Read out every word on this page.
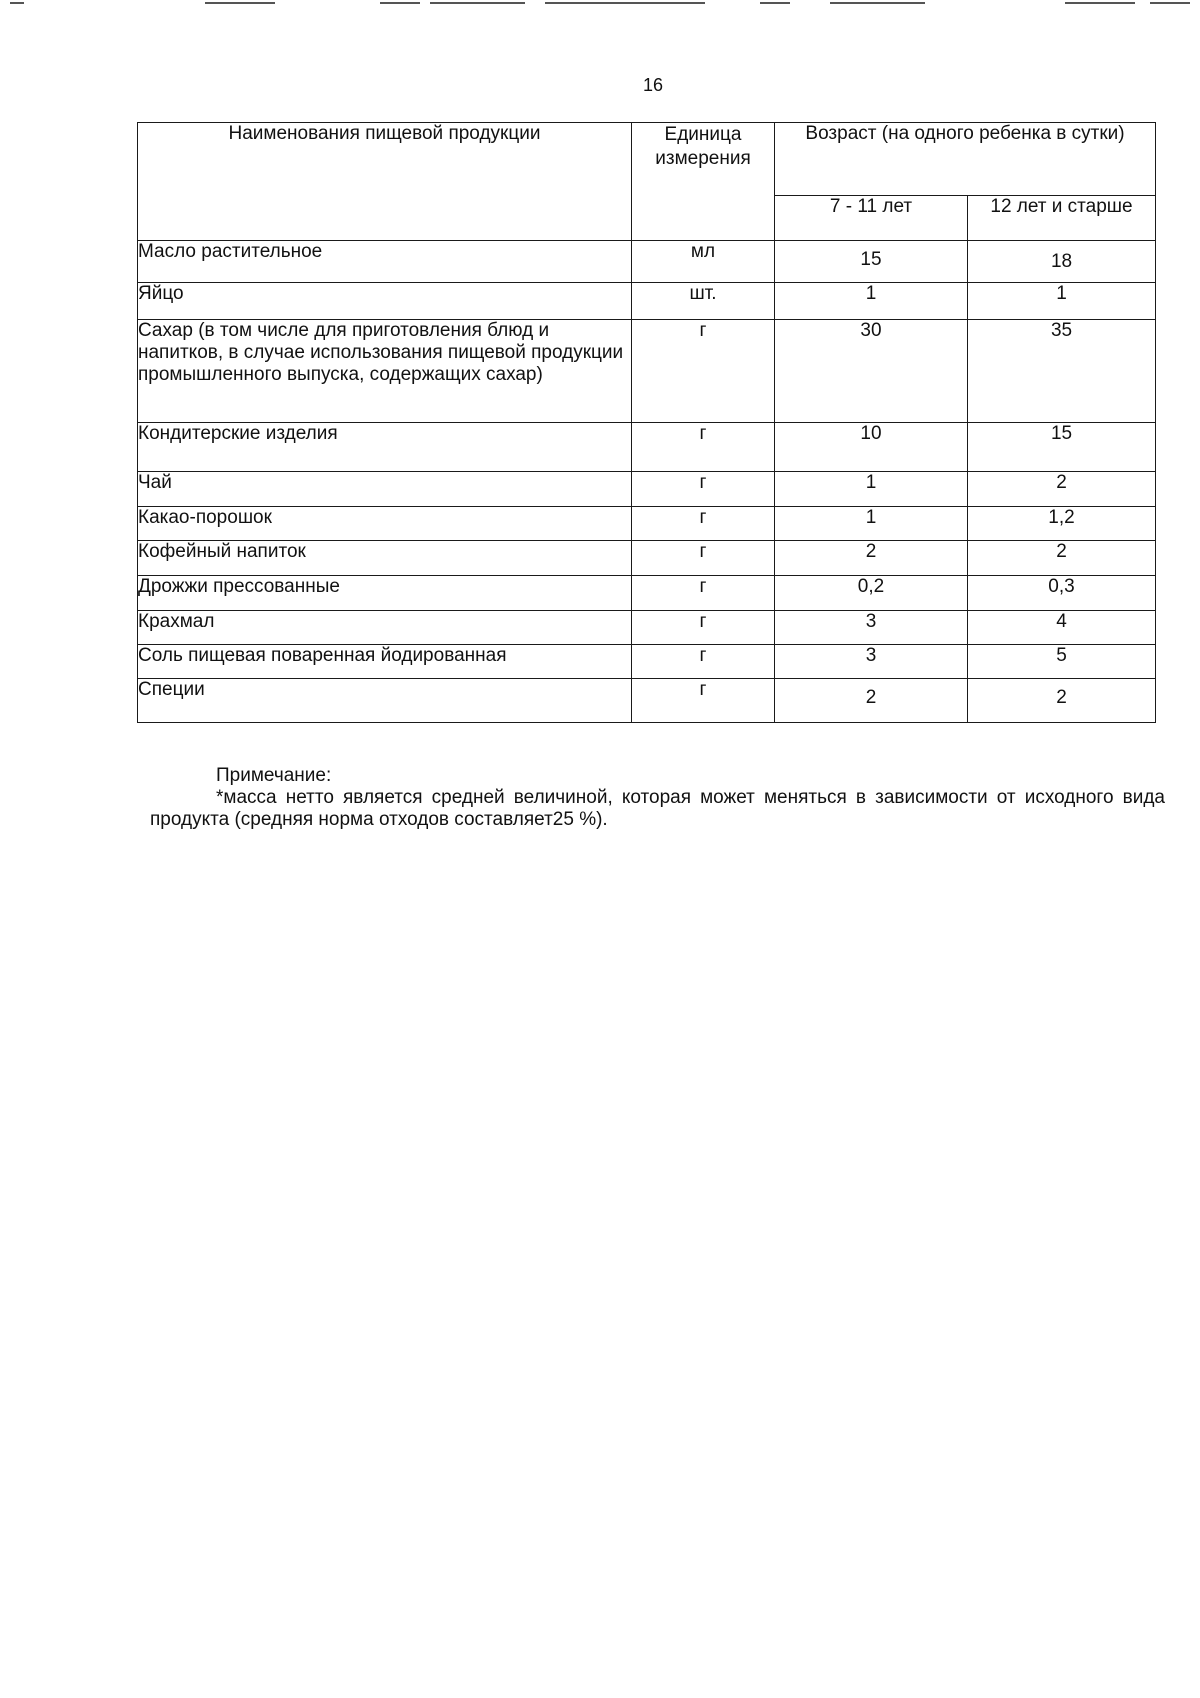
16
Наименования пищевой продукции	Единица измерения	Возраст (на одного ребенка в сутки)	
		7 - 11 лет	12 лет и старше
Масло растительное	мл	15	18
Яйцо	шт.	1	1
Сахар (в том числе для приготовления блюд и напитков, в случае использования пищевой продукции промышленного выпуска, содержащих сахар)	г	30	35
Кондитерские изделия	г	10	15
Чай	г	1	2
Какао-порошок	г	1	1,2
Кофейный напиток	г	2	2
Дрожжи прессованные	г	0,2	0,3
Крахмал	г	3	4
Соль пищевая поваренная йодированная	г	3	5
Специи	г	2	2
Примечание:
*масса нетто является средней величиной, которая может меняться в зависимости от исходного вида продукта (средняя норма отходов составляет25 %).
